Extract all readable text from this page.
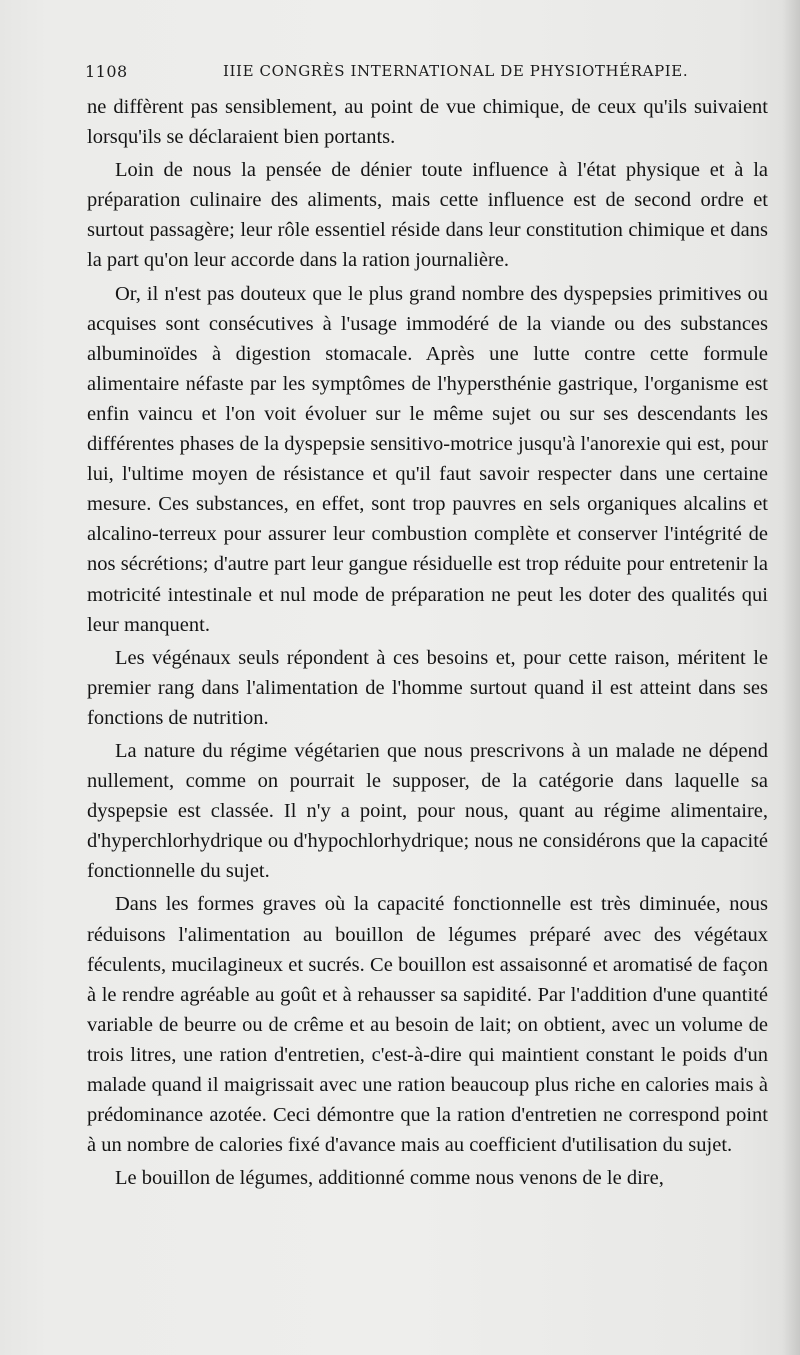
1108	IIIE CONGRÈS INTERNATIONAL DE PHYSIOTHÉRAPIE.

ne diffèrent pas sensiblement, au point de vue chimique, de ceux qu'ils suivaient lorsqu'ils se déclaraient bien portants.

Loin de nous la pensée de dénier toute influence à l'état physique et à la préparation culinaire des aliments, mais cette influence est de second ordre et surtout passagère; leur rôle essentiel réside dans leur constitution chimique et dans la part qu'on leur accorde dans la ration journalière.

Or, il n'est pas douteux que le plus grand nombre des dyspepsies primitives ou acquises sont consécutives à l'usage immodéré de la viande ou des substances albuminoïdes à digestion stomacale. Après une lutte contre cette formule alimentaire néfaste par les symptômes de l'hypersthénie gastrique, l'organisme est enfin vaincu et l'on voit évoluer sur le même sujet ou sur ses descendants les différentes phases de la dyspepsie sensitivo-motrice jusqu'à l'anorexie qui est, pour lui, l'ultime moyen de résistance et qu'il faut savoir respecter dans une certaine mesure. Ces substances, en effet, sont trop pauvres en sels organiques alcalins et alcalino-terreux pour assurer leur combustion complète et conserver l'intégrité de nos sécrétions; d'autre part leur gangue résiduelle est trop réduite pour entretenir la motricité intestinale et nul mode de préparation ne peut les doter des qualités qui leur manquent.

Les végénaux seuls répondent à ces besoins et, pour cette raison, méritent le premier rang dans l'alimentation de l'homme surtout quand il est atteint dans ses fonctions de nutrition.

La nature du régime végétarien que nous prescrivons à un malade ne dépend nullement, comme on pourrait le supposer, de la catégorie dans laquelle sa dyspepsie est classée. Il n'y a point, pour nous, quant au régime alimentaire, d'hyperchlorhydrique ou d'hypochlorhydrique; nous ne considérons que la capacité fonctionnelle du sujet.

Dans les formes graves où la capacité fonctionnelle est très diminuée, nous réduisons l'alimentation au bouillon de légumes préparé avec des végétaux féculents, mucilagineux et sucrés. Ce bouillon est assaisonné et aromatisé de façon à le rendre agréable au goût et à rehausser sa sapidité. Par l'addition d'une quantité variable de beurre ou de crême et au besoin de lait; on obtient, avec un volume de trois litres, une ration d'entretien, c'est-à-dire qui maintient constant le poids d'un malade quand il maigrissait avec une ration beaucoup plus riche en calories mais à prédominance azotée. Ceci démontre que la ration d'entretien ne correspond point à un nombre de calories fixé d'avance mais au coefficient d'utilisation du sujet.

Le bouillon de légumes, additionné comme nous venons de le dire,
